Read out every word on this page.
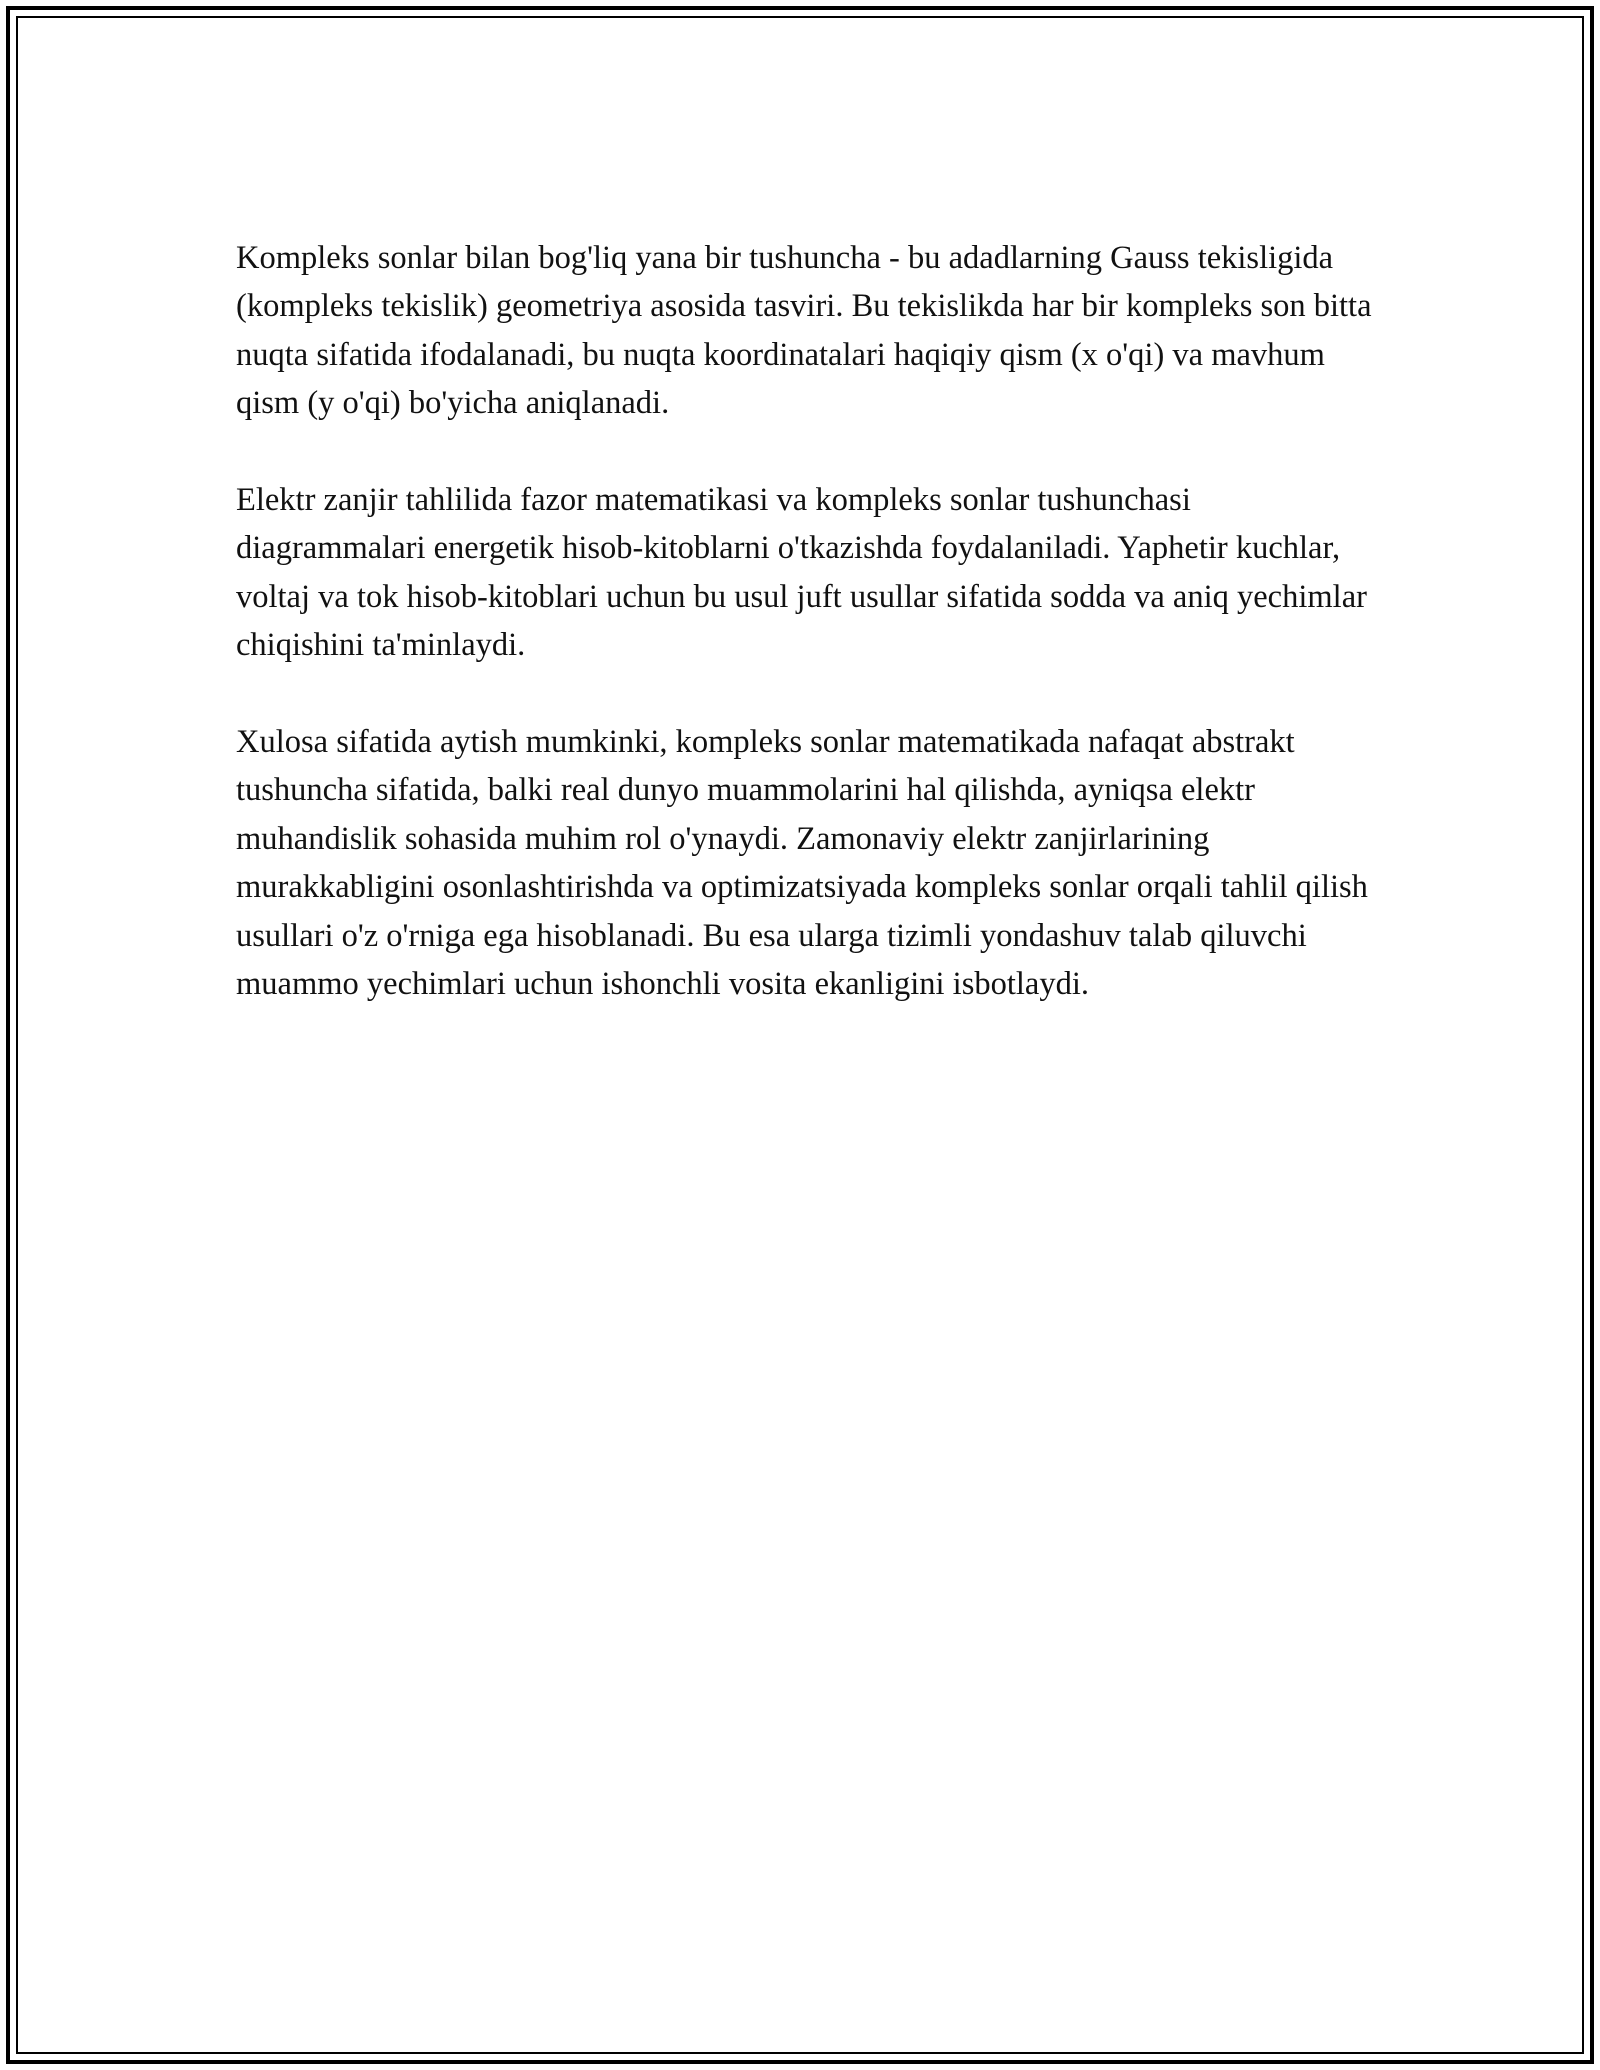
Kompleks sonlar bilan bog'liq yana bir tushuncha - bu adadlarning Gauss tekisligida (kompleks tekislik) geometriya asosida tasviri. Bu tekislikda har bir kompleks son bitta nuqta sifatida ifodalanadi, bu nuqta koordinatalari haqiqiy qism (x o'qi) va mavhum qism (y o'qi) bo'yicha aniqlanadi.

Elektr zanjir tahlilida fazor matematikasi va kompleks sonlar tushunchasi diagrammalari energetik hisob-kitoblarni o'tkazishda foydalaniladi. Yaphetir kuchlar, voltaj va tok hisob-kitoblari uchun bu usul juft usullar sifatida sodda va aniq yechimlar chiqishini ta'minlaydi.

Xulosa sifatida aytish mumkinki, kompleks sonlar matematikada nafaqat abstrakt tushuncha sifatida, balki real dunyo muammolarini hal qilishda, ayniqsa elektr muhandislik sohasida muhim rol o'ynaydi. Zamonaviy elektr zanjirlarining murakkabligini osonlashtirishda va optimizatsiyada kompleks sonlar orqali tahlil qilish usullari o'z o'rniga ega hisoblanadi. Bu esa ularga tizimli yondashuv talab qiluvchi muammo yechimlari uchun ishonchli vosita ekanligini isbotlaydi.
